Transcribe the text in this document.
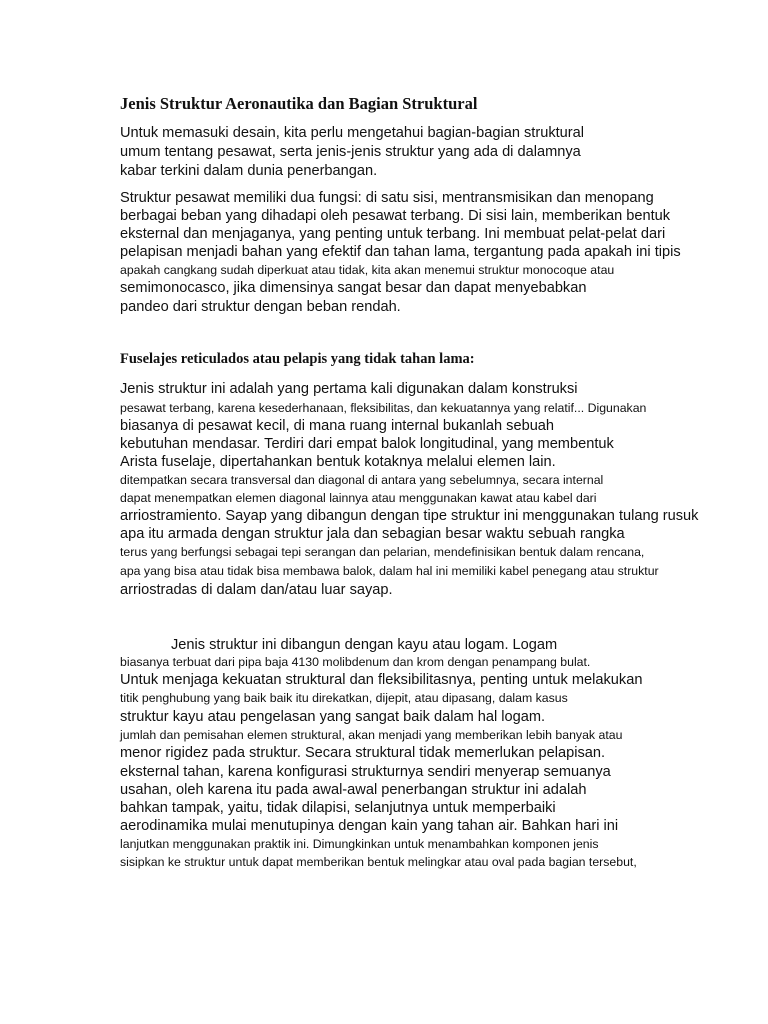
Jenis Struktur Aeronautika dan Bagian Struktural

Untuk memasuki desain, kita perlu mengetahui bagian-bagian struktural

umum tentang pesawat, serta jenis-jenis struktur yang ada di dalamnya

kabar terkini dalam dunia penerbangan.

Struktur pesawat memiliki dua fungsi: di satu sisi, mentransmisikan dan menopang

berbagai beban yang dihadapi oleh pesawat terbang. Di sisi lain, memberikan bentuk

eksternal dan menjaganya, yang penting untuk terbang. Ini membuat pelat-pelat dari

pelapisan menjadi bahan yang efektif dan tahan lama, tergantung pada apakah ini tipis

apakah cangkang sudah diperkuat atau tidak, kita akan menemui struktur monocoque atau

semimonocasco, jika dimensinya sangat besar dan dapat menyebabkan

pandeo dari struktur dengan beban rendah.

Fuselajes reticulados atau pelapis yang tidak tahan lama:

Jenis struktur ini adalah yang pertama kali digunakan dalam konstruksi

pesawat terbang, karena kesederhanaan, fleksibilitas, dan kekuatannya yang relatif... Digunakan

biasanya di pesawat kecil, di mana ruang internal bukanlah sebuah

kebutuhan mendasar. Terdiri dari empat balok longitudinal, yang membentuk

Arista fuselaje, dipertahankan bentuk kotaknya melalui elemen lain.

ditempatkan secara transversal dan diagonal di antara yang sebelumnya, secara internal

dapat menempatkan elemen diagonal lainnya atau menggunakan kawat atau kabel dari

arriostramiento. Sayap yang dibangun dengan tipe struktur ini menggunakan tulang rusuk

apa itu armada dengan struktur jala dan sebagian besar waktu sebuah rangka

terus yang berfungsi sebagai tepi serangan dan pelarian, mendefinisikan bentuk dalam rencana,

apa yang bisa atau tidak bisa membawa balok, dalam hal ini memiliki kabel penegang atau struktur

arriostradas di dalam dan/atau luar sayap.

Jenis struktur ini dibangun dengan kayu atau logam. Logam

biasanya terbuat dari pipa baja 4130 molibdenum dan krom dengan penampang bulat.

Untuk menjaga kekuatan struktural dan fleksibilitasnya, penting untuk melakukan

titik penghubung yang baik baik itu direkatkan, dijepit, atau dipasang, dalam kasus

struktur kayu atau pengelasan yang sangat baik dalam hal logam.

jumlah dan pemisahan elemen struktural, akan menjadi yang memberikan lebih banyak atau

menor rigidez pada struktur. Secara struktural tidak memerlukan pelapisan.

eksternal tahan, karena konfigurasi strukturnya sendiri menyerap semuanya

usahan, oleh karena itu pada awal-awal penerbangan struktur ini adalah

bahkan tampak, yaitu, tidak dilapisi, selanjutnya untuk memperbaiki

aerodinamika mulai menutupinya dengan kain yang tahan air. Bahkan hari ini

lanjutkan menggunakan praktik ini. Dimungkinkan untuk menambahkan komponen jenis

sisipkan ke struktur untuk dapat memberikan bentuk melingkar atau oval pada bagian tersebut,
